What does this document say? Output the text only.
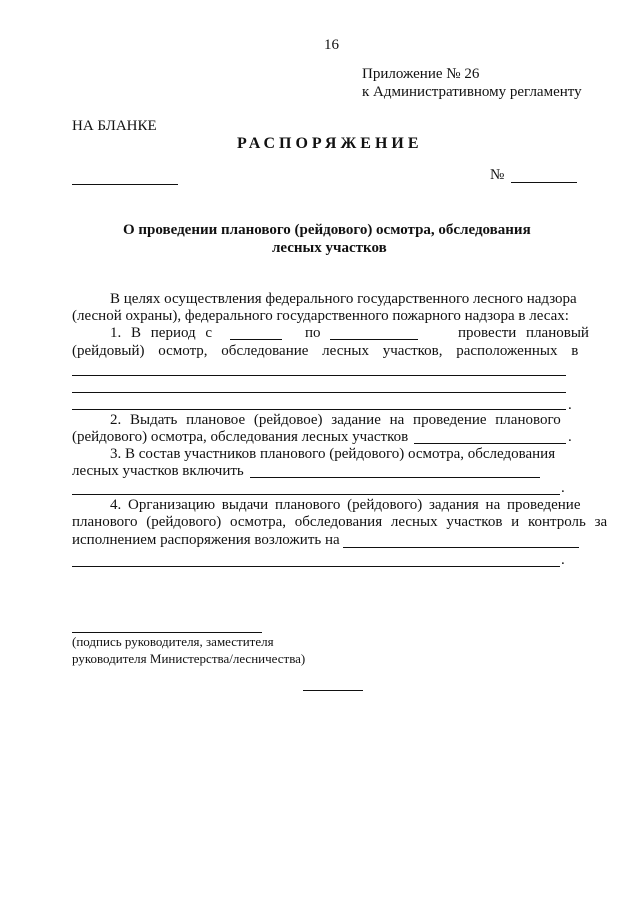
16
Приложение № 26
к Административному регламенту
НА БЛАНКЕ
РАСПОРЯЖЕНИЕ
№
О проведении планового (рейдового) осмотра, обследования
лесных участков
В целях осуществления федерального государственного лесного надзора
(лесной охраны), федерального государственного пожарного надзора в лесах:
1. В период с	по	провести плановый
(рейдовый) осмотр, обследование лесных участков, расположенных в
.
2. Выдать плановое (рейдовое) задание на проведение планового
(рейдового) осмотра, обследования лесных участков	.
3. В состав участников планового (рейдового) осмотра, обследования
лесных участков включить
.
4. Организацию выдачи планового (рейдового) задания на проведение
планового (рейдового) осмотра, обследования лесных участков и контроль за
исполнением распоряжения возложить на
.
(подпись руководителя, заместителя
руководителя Министерства/лесничества)
